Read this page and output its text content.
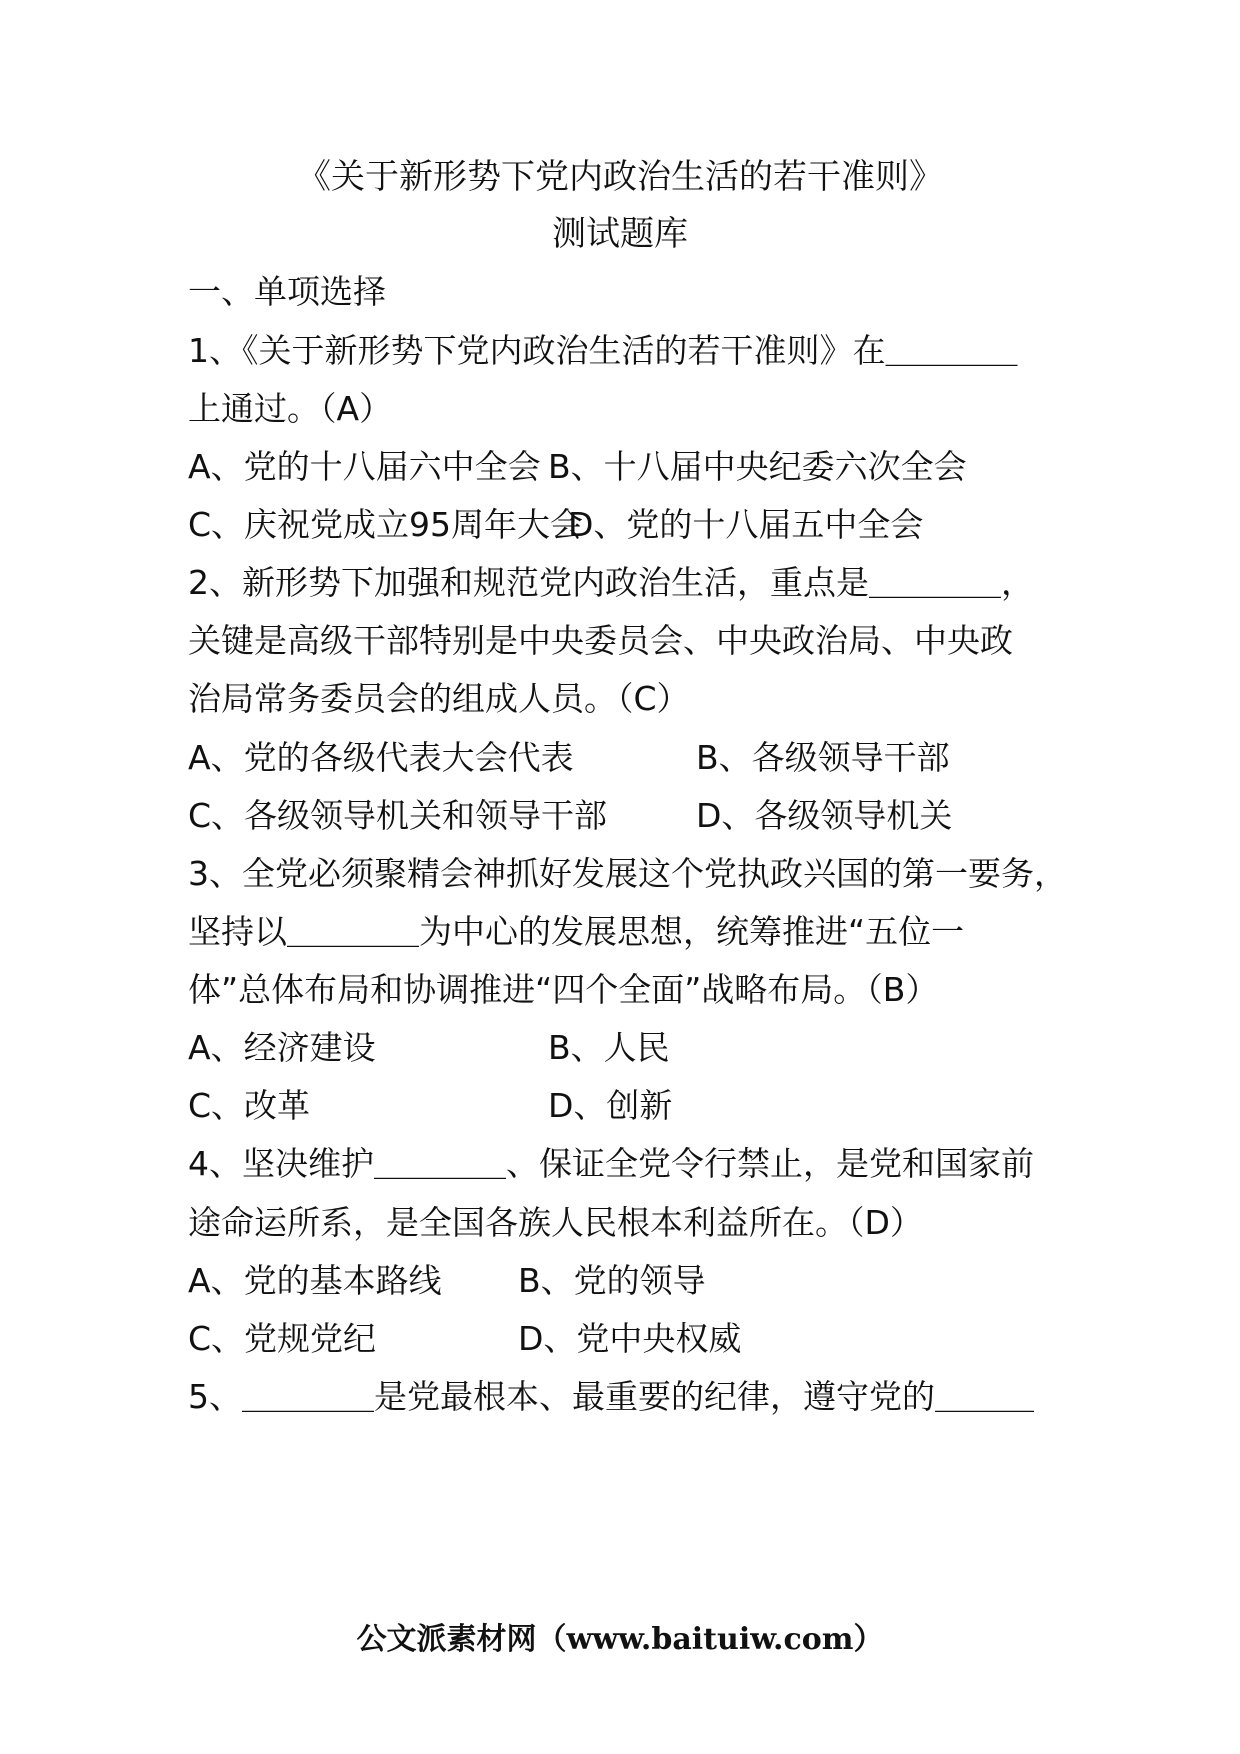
《关于新形势下党内政治生活的若干准则》
测试题库
一、单项选择
1、《关于新形势下党内政治生活的若干准则》在＿＿＿＿
上通过。（A）
A、党的十八届六中全会 B、十八届中央纪委六次全会
C、庆祝党成立95周年大会
D、党的十八届五中全会
2、新形势下加强和规范党内政治生活，重点是＿＿＿＿，
关键是高级干部特别是中央委员会、中央政治局、中央政
治局常务委员会的组成人员。（C）
A、党的各级代表大会代表	B、各级领导干部
C、各级领导机关和领导干部	D、各级领导机关
3、全党必须聚精会神抓好发展这个党执政兴国的第一要务，
坚持以＿＿＿＿为中心的发展思想，统筹推进“五位一
体”总体布局和协调推进“四个全面”战略布局。（B）
A、经济建设	B、人民
C、改革	D、创新
4、坚决维护＿＿＿＿、保证全党令行禁止，是党和国家前
途命运所系，是全国各族人民根本利益所在。（D）
A、党的基本路线 B、党的领导
C、党规党纪	D、党中央权威
5、＿＿＿＿是党最根本、最重要的纪律，遵守党的＿＿＿
公文派素材网（www.baituiw.com）
